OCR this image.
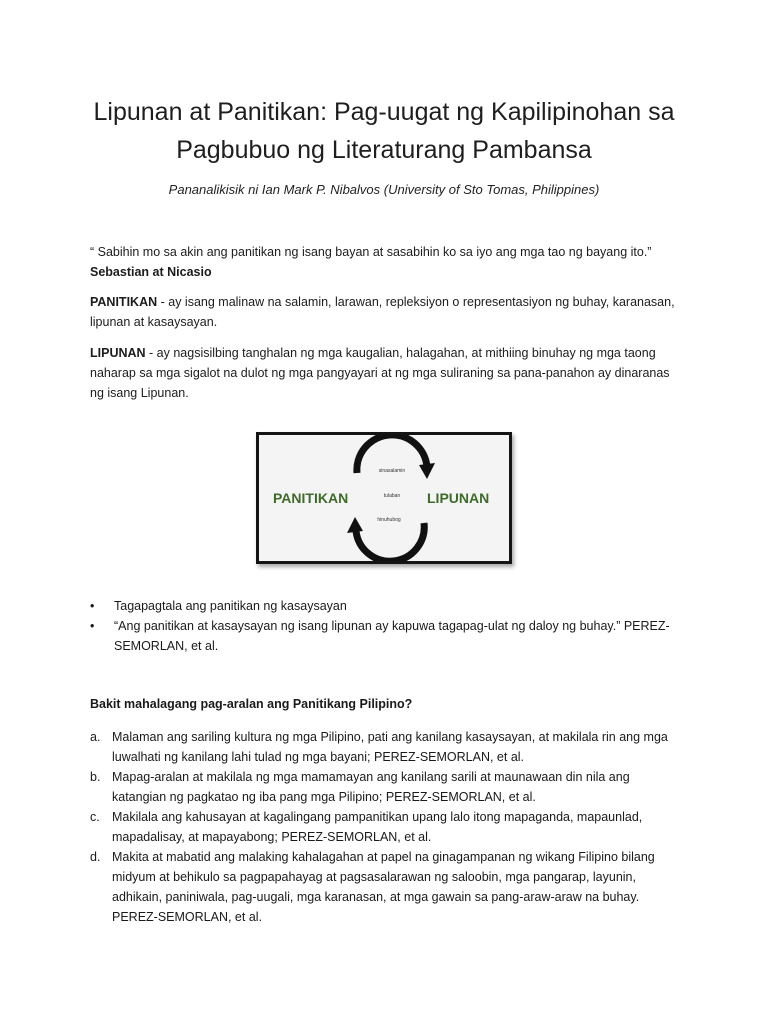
Lipunan at Panitikan: Pag-uugat ng Kapilipinohan sa
Pagbubuo ng Literaturang Pambansa
Pananalikisik ni Ian Mark P. Nibalvos (University of Sto Tomas, Philippines)
“ Sabihin mo sa akin ang panitikan ng isang bayan at sasabihin ko sa iyo ang mga tao ng bayang ito.”
Sebastian at Nicasio
PANITIKAN - ay isang malinaw na salamin, larawan, repleksiyon o representasiyon ng buhay, karanasan, lipunan at kasaysayan.
LIPUNAN - ay nagsisilbing tanghalan ng mga kaugalian, halagahan, at mithiing binuhay ng mga taong naharap sa mga sigalot na dulot ng mga pangyayari at ng mga suliraning sa pana-panahon ay dinaranas ng isang Lipunan.
PANITIKAN	LIPUNAN
sinasalamin
tulaban
hinuhubog
• Tagapagtala ang panitikan ng kasaysayan
• “Ang panitikan at kasaysayan ng isang lipunan ay kapuwa tagapag-ulat ng daloy ng buhay.” PEREZ-SEMORLAN, et al.
Bakit mahalagang pag-aralan ang Panitikang Pilipino?
a. Malaman ang sariling kultura ng mga Pilipino, pati ang kanilang kasaysayan, at makilala rin ang mga luwalhati ng kanilang lahi tulad ng mga bayani; PEREZ-SEMORLAN, et al.
b. Mapag-aralan at makilala ng mga mamamayan ang kanilang sarili at maunawaan din nila ang katangian ng pagkatao ng iba pang mga Pilipino; PEREZ-SEMORLAN, et al.
c. Makilala ang kahusayan at kagalingang pampanitikan upang lalo itong mapaganda, mapaunlad, mapadalisay, at mapayabong; PEREZ-SEMORLAN, et al.
d. Makita at mabatid ang malaking kahalagahan at papel na ginagampanan ng wikang Filipino bilang midyum at behikulo sa pagpapahayag at pagsasalarawan ng saloobin, mga pangarap, layunin, adhikain, paniniwala, pag-uugali, mga karanasan, at mga gawain sa pang-araw-araw na buhay. PEREZ-SEMORLAN, et al.
